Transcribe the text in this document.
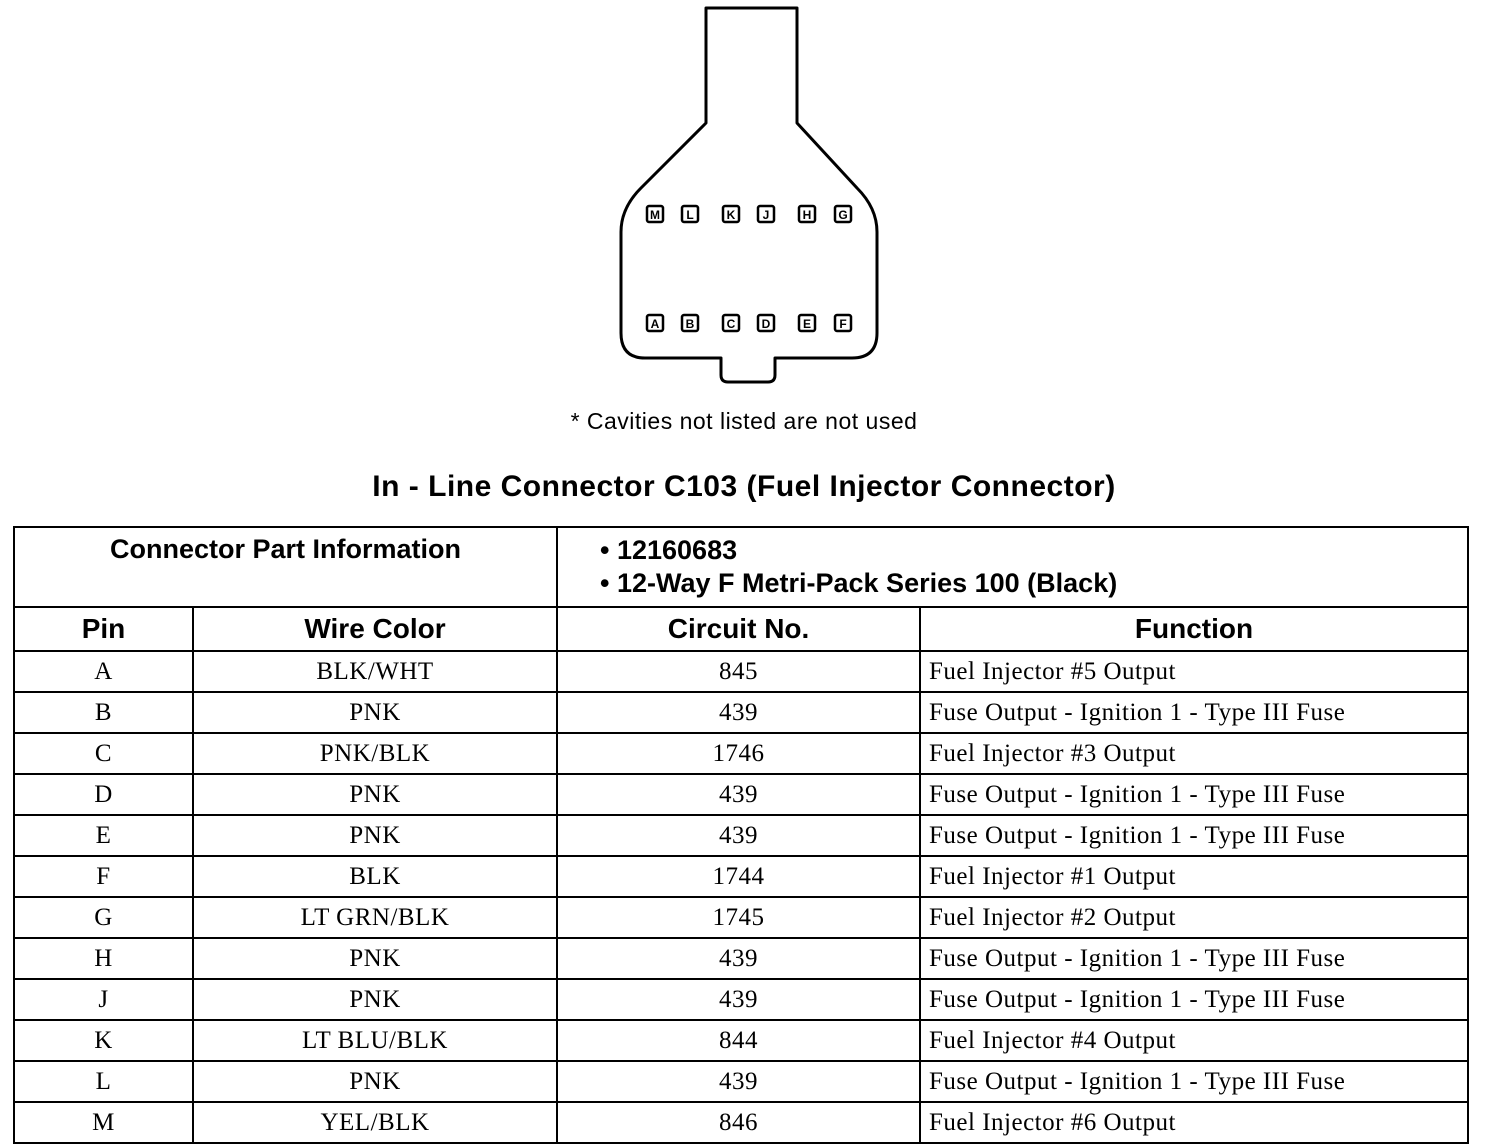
M L	K J	H G
A B	C D	E F
* Cavities not listed are not used
In - Line Connector C103 (Fuel Injector Connector)
Connector Part Information		• 12160683
• 12-Way F Metri-Pack Series 100 (Black)	

Pin	Wire Color	Circuit No.	Function
A	BLK/WHT	845	Fuel Injector #5 Output
B	PNK	439	Fuse Output - Ignition 1 - Type III Fuse
C	PNK/BLK	1746	Fuel Injector #3 Output
D	PNK	439	Fuse Output - Ignition 1 - Type III Fuse
E	PNK	439	Fuse Output - Ignition 1 - Type III Fuse
F	BLK	1744	Fuel Injector #1 Output
G	LT GRN/BLK	1745	Fuel Injector #2 Output
H	PNK	439	Fuse Output - Ignition 1 - Type III Fuse
J	PNK	439	Fuse Output - Ignition 1 - Type III Fuse
K	LT BLU/BLK	844	Fuel Injector #4 Output
L	PNK	439	Fuse Output - Ignition 1 - Type III Fuse
M	YEL/BLK	846	Fuel Injector #6 Output
